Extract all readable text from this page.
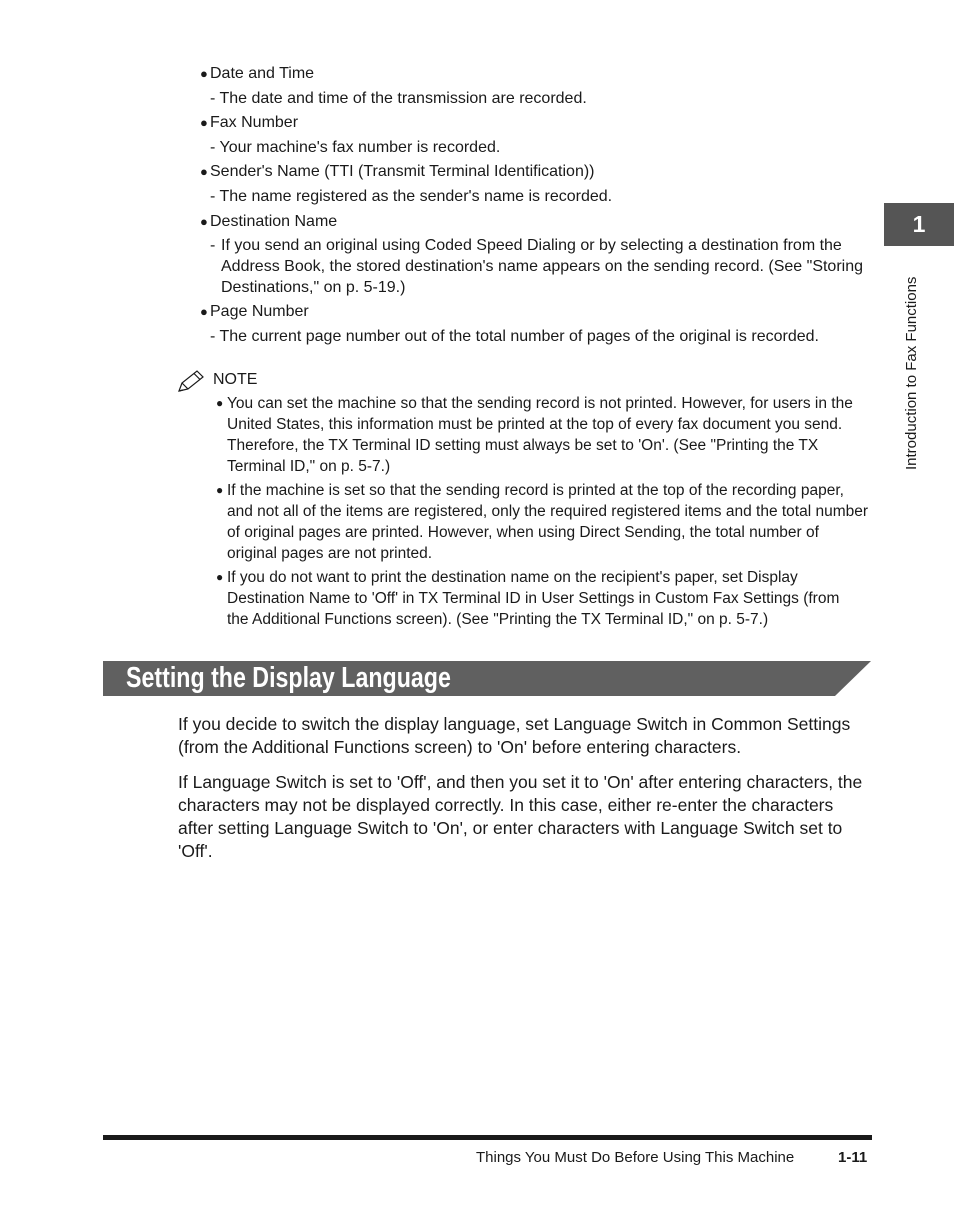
● Date and Time
- The date and time of the transmission are recorded.
● Fax Number
- Your machine's fax number is recorded.
● Sender's Name (TTI (Transmit Terminal Identification))
- The name registered as the sender's name is recorded.
● Destination Name
- If you send an original using Coded Speed Dialing or by selecting a destination from the Address Book, the stored destination's name appears on the sending record. (See "Storing Destinations," on p. 5-19.)
● Page Number
- The current page number out of the total number of pages of the original is recorded.
NOTE
● You can set the machine so that the sending record is not printed. However, for users in the United States, this information must be printed at the top of every fax document you send. Therefore, the TX Terminal ID setting must always be set to 'On'. (See "Printing the TX Terminal ID," on p. 5-7.)
● If the machine is set so that the sending record is printed at the top of the recording paper, and not all of the items are registered, only the required registered items and the total number of original pages are printed. However, when using Direct Sending, the total number of original pages are not printed.
● If you do not want to print the destination name on the recipient's paper, set Display Destination Name to 'Off' in TX Terminal ID in User Settings in Custom Fax Settings (from the Additional Functions screen). (See "Printing the TX Terminal ID," on p. 5-7.)
Setting the Display Language
If you decide to switch the display language, set Language Switch in Common Settings (from the Additional Functions screen) to 'On' before entering characters.
If Language Switch is set to 'Off', and then you set it to 'On' after entering characters, the characters may not be displayed correctly. In this case, either re-enter the characters after setting Language Switch to 'On', or enter characters with Language Switch set to 'Off'.
1
Introduction to Fax Functions
Things You Must Do Before Using This Machine	1-11
